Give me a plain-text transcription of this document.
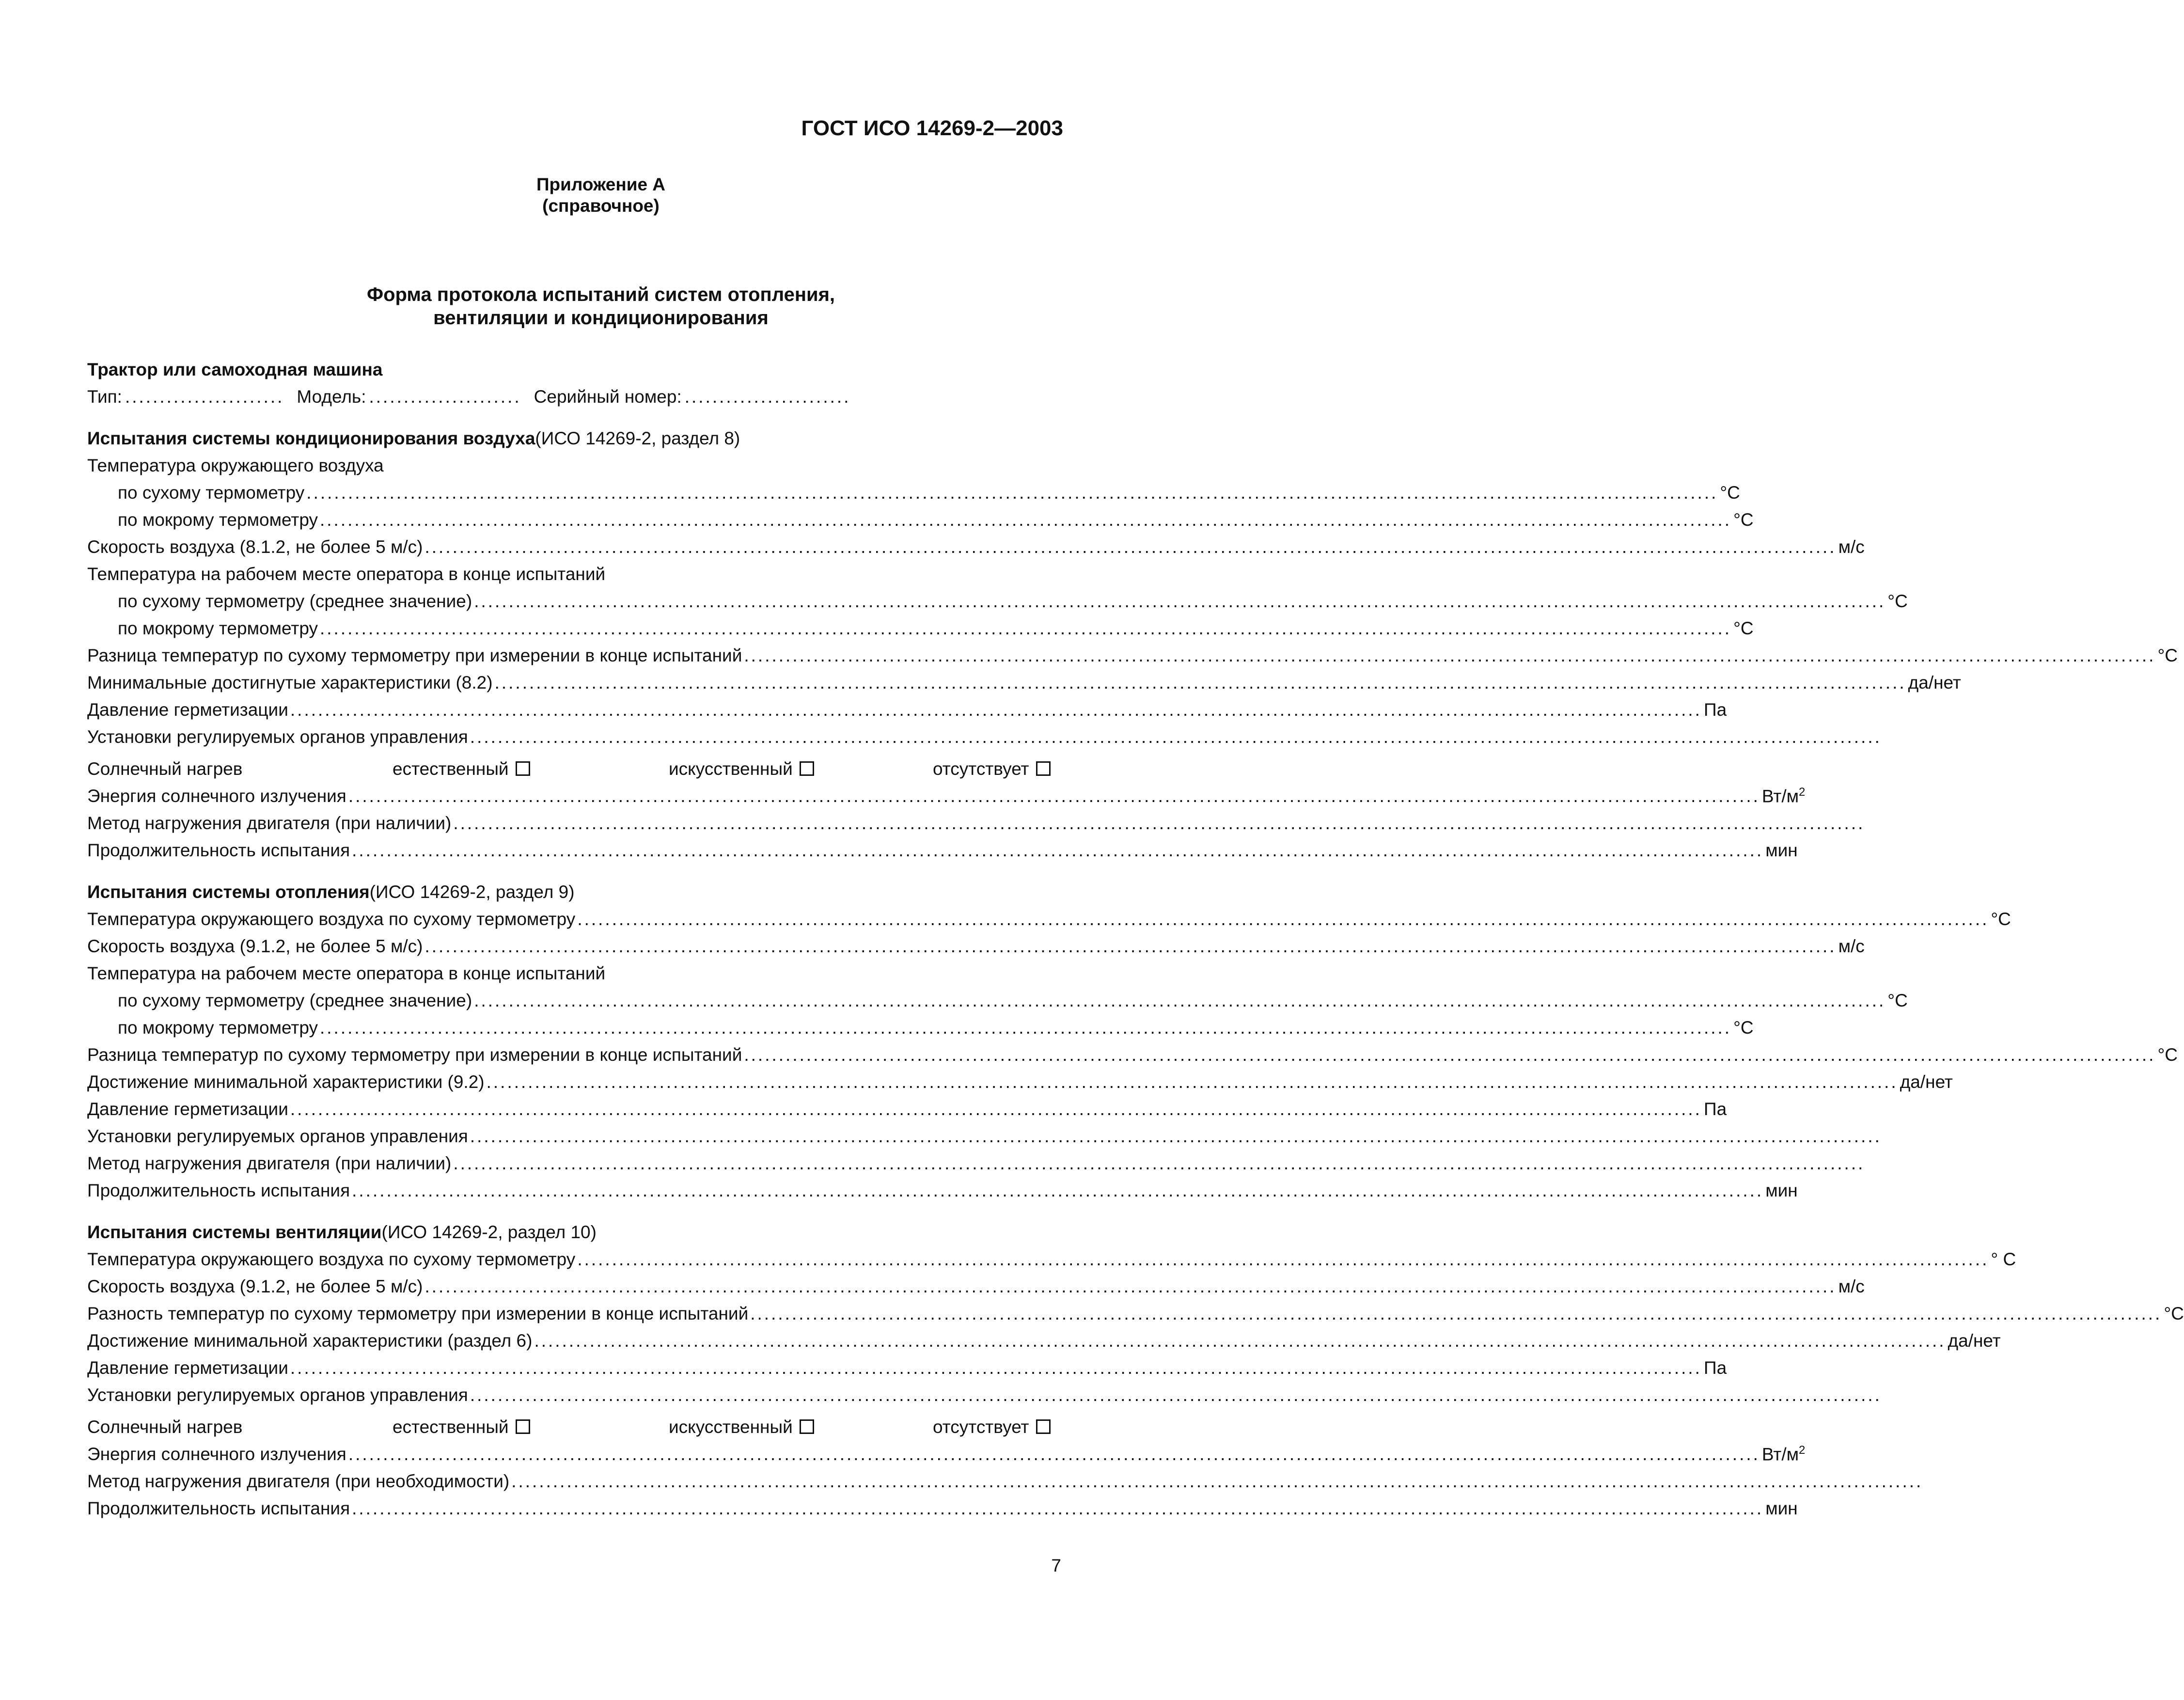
ГОСТ ИСО 14269-2—2003
Приложение А
(справочное)
Форма протокола испытаний систем отопления,
вентиляции и кондиционирования
Трактор или самоходная машина
Тип: ....................... Модель: ...................... Серийный номер: ........................
Испытания системы кондиционирования воздуха (ИСО 14269-2, раздел 8)
Температура окружающего воздуха
по сухому термометру ............................................................................................................................................................................................................ °С
по мокрому термометру ............................................................................................................................................................................................................ °С
Скорость воздуха (8.1.2, не более 5 м/с) ............................................................................................................................................................................................................ м/с
Температура на рабочем месте оператора в конце испытаний
по сухому термометру (среднее значение) ............................................................................................................................................................................................................ °С
по мокрому термометру ............................................................................................................................................................................................................ °С
Разница температур по сухому термометру при измерении в конце испытаний ............................................................................................................................................................................................................ °С
Минимальные достигнутые характеристики (8.2) ............................................................................................................................................................................................................ да/нет
Давление герметизации ............................................................................................................................................................................................................ Па
Установки регулируемых органов управления ............................................................................................................................................................................................................
Солнечный нагрев	естественный	искусственный	отсутствует
Энергия солнечного излучения ............................................................................................................................................................................................................ $Вт/м^2$
Метод нагружения двигателя (при наличии) ............................................................................................................................................................................................................
Продолжительность испытания ............................................................................................................................................................................................................ мин
Испытания системы отопления (ИСО 14269-2, раздел 9)
Температура окружающего воздуха по сухому термометру ............................................................................................................................................................................................................ °С
Скорость воздуха (9.1.2, не более 5 м/с) ............................................................................................................................................................................................................ м/с
Температура на рабочем месте оператора в конце испытаний
по сухому термометру (среднее значение) ............................................................................................................................................................................................................ °С
по мокрому термометру ............................................................................................................................................................................................................ °С
Разница температур по сухому термометру при измерении в конце испытаний ............................................................................................................................................................................................................ °С
Достижение минимальной характеристики (9.2) ............................................................................................................................................................................................................ да/нет
Давление герметизации ............................................................................................................................................................................................................ Па
Установки регулируемых органов управления ............................................................................................................................................................................................................
Метод нагружения двигателя (при наличии) ............................................................................................................................................................................................................
Продолжительность испытания ............................................................................................................................................................................................................ мин
Испытания системы вентиляции (ИСО 14269-2, раздел 10)
Температура окружающего воздуха по сухому термометру ............................................................................................................................................................................................................ ° С
Скорость воздуха (9.1.2, не более 5 м/с) ............................................................................................................................................................................................................ м/с
Разность температур по сухому термометру при измерении в конце испытаний ............................................................................................................................................................................................................ °С
Достижение минимальной характеристики (раздел 6) ............................................................................................................................................................................................................ да/нет
Давление герметизации ............................................................................................................................................................................................................ Па
Установки регулируемых органов управления ............................................................................................................................................................................................................
Солнечный нагрев	естественный	искусственный	отсутствует
Энергия солнечного излучения ............................................................................................................................................................................................................ $Вт/м^2$
Метод нагружения двигателя (при необходимости) ............................................................................................................................................................................................................
Продолжительность испытания ............................................................................................................................................................................................................ мин
7
